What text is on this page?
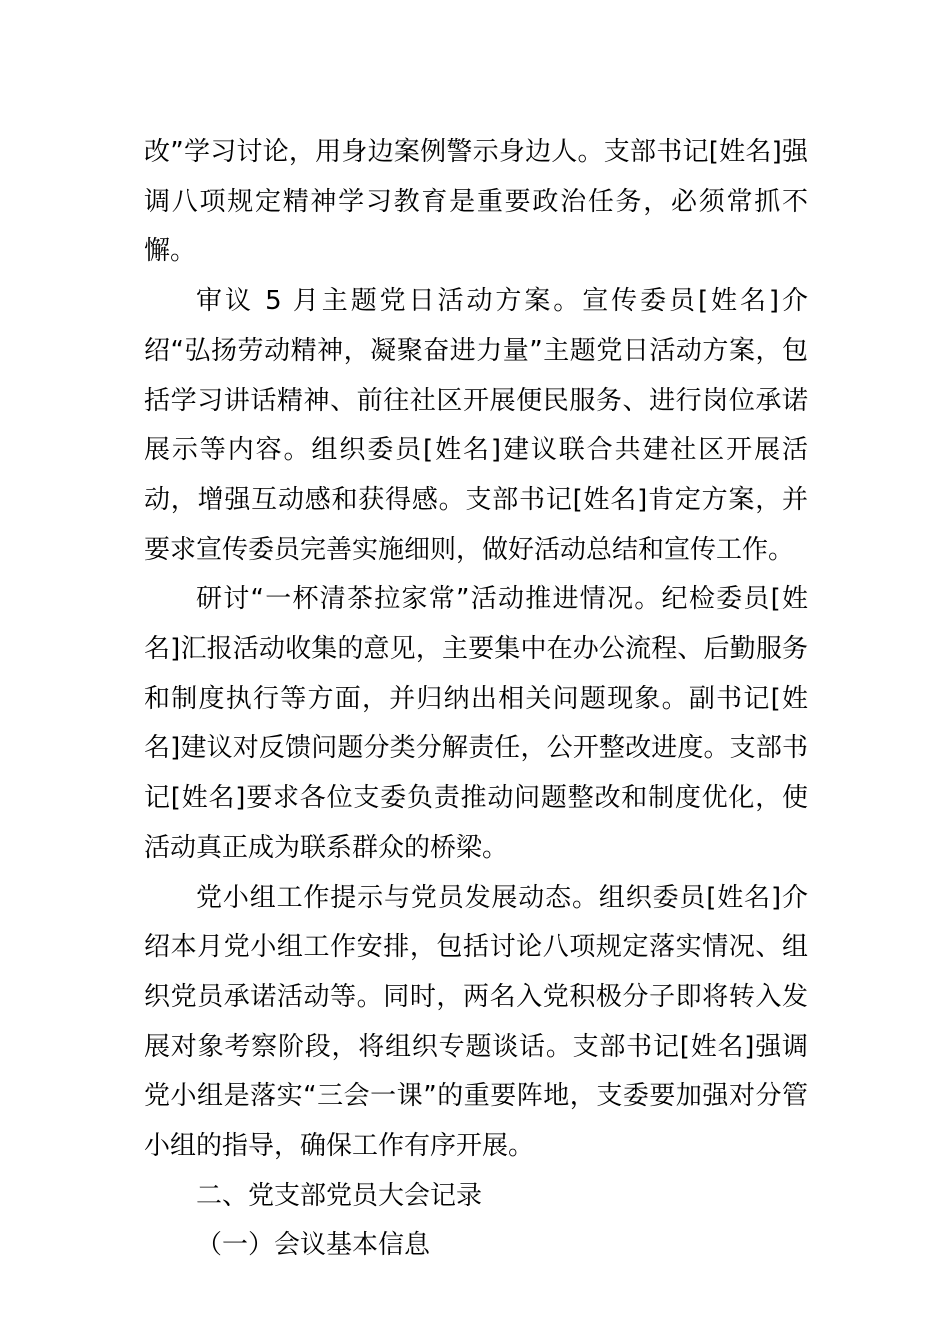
改”学习讨论，用身边案例警示身边人。支部书记[姓名]强调八项规定精神学习教育是重要政治任务，必须常抓不懈。

审议 5 月主题党日活动方案。宣传委员[姓名]介绍“弘扬劳动精神，凝聚奋进力量”主题党日活动方案，包括学习讲话精神、前往社区开展便民服务、进行岗位承诺展示等内容。组织委员[姓名]建议联合共建社区开展活动，增强互动感和获得感。支部书记[姓名]肯定方案，并要求宣传委员完善实施细则，做好活动总结和宣传工作。

研讨“一杯清茶拉家常”活动推进情况。纪检委员[姓名]汇报活动收集的意见，主要集中在办公流程、后勤服务和制度执行等方面，并归纳出相关问题现象。副书记[姓名]建议对反馈问题分类分解责任，公开整改进度。支部书记[姓名]要求各位支委负责推动问题整改和制度优化，使活动真正成为联系群众的桥梁。

党小组工作提示与党员发展动态。组织委员[姓名]介绍本月党小组工作安排，包括讨论八项规定落实情况、组织党员承诺活动等。同时，两名入党积极分子即将转入发展对象考察阶段，将组织专题谈话。支部书记[姓名]强调党小组是落实“三会一课”的重要阵地，支委要加强对分管小组的指导，确保工作有序开展。

二、党支部党员大会记录

（一）会议基本信息
